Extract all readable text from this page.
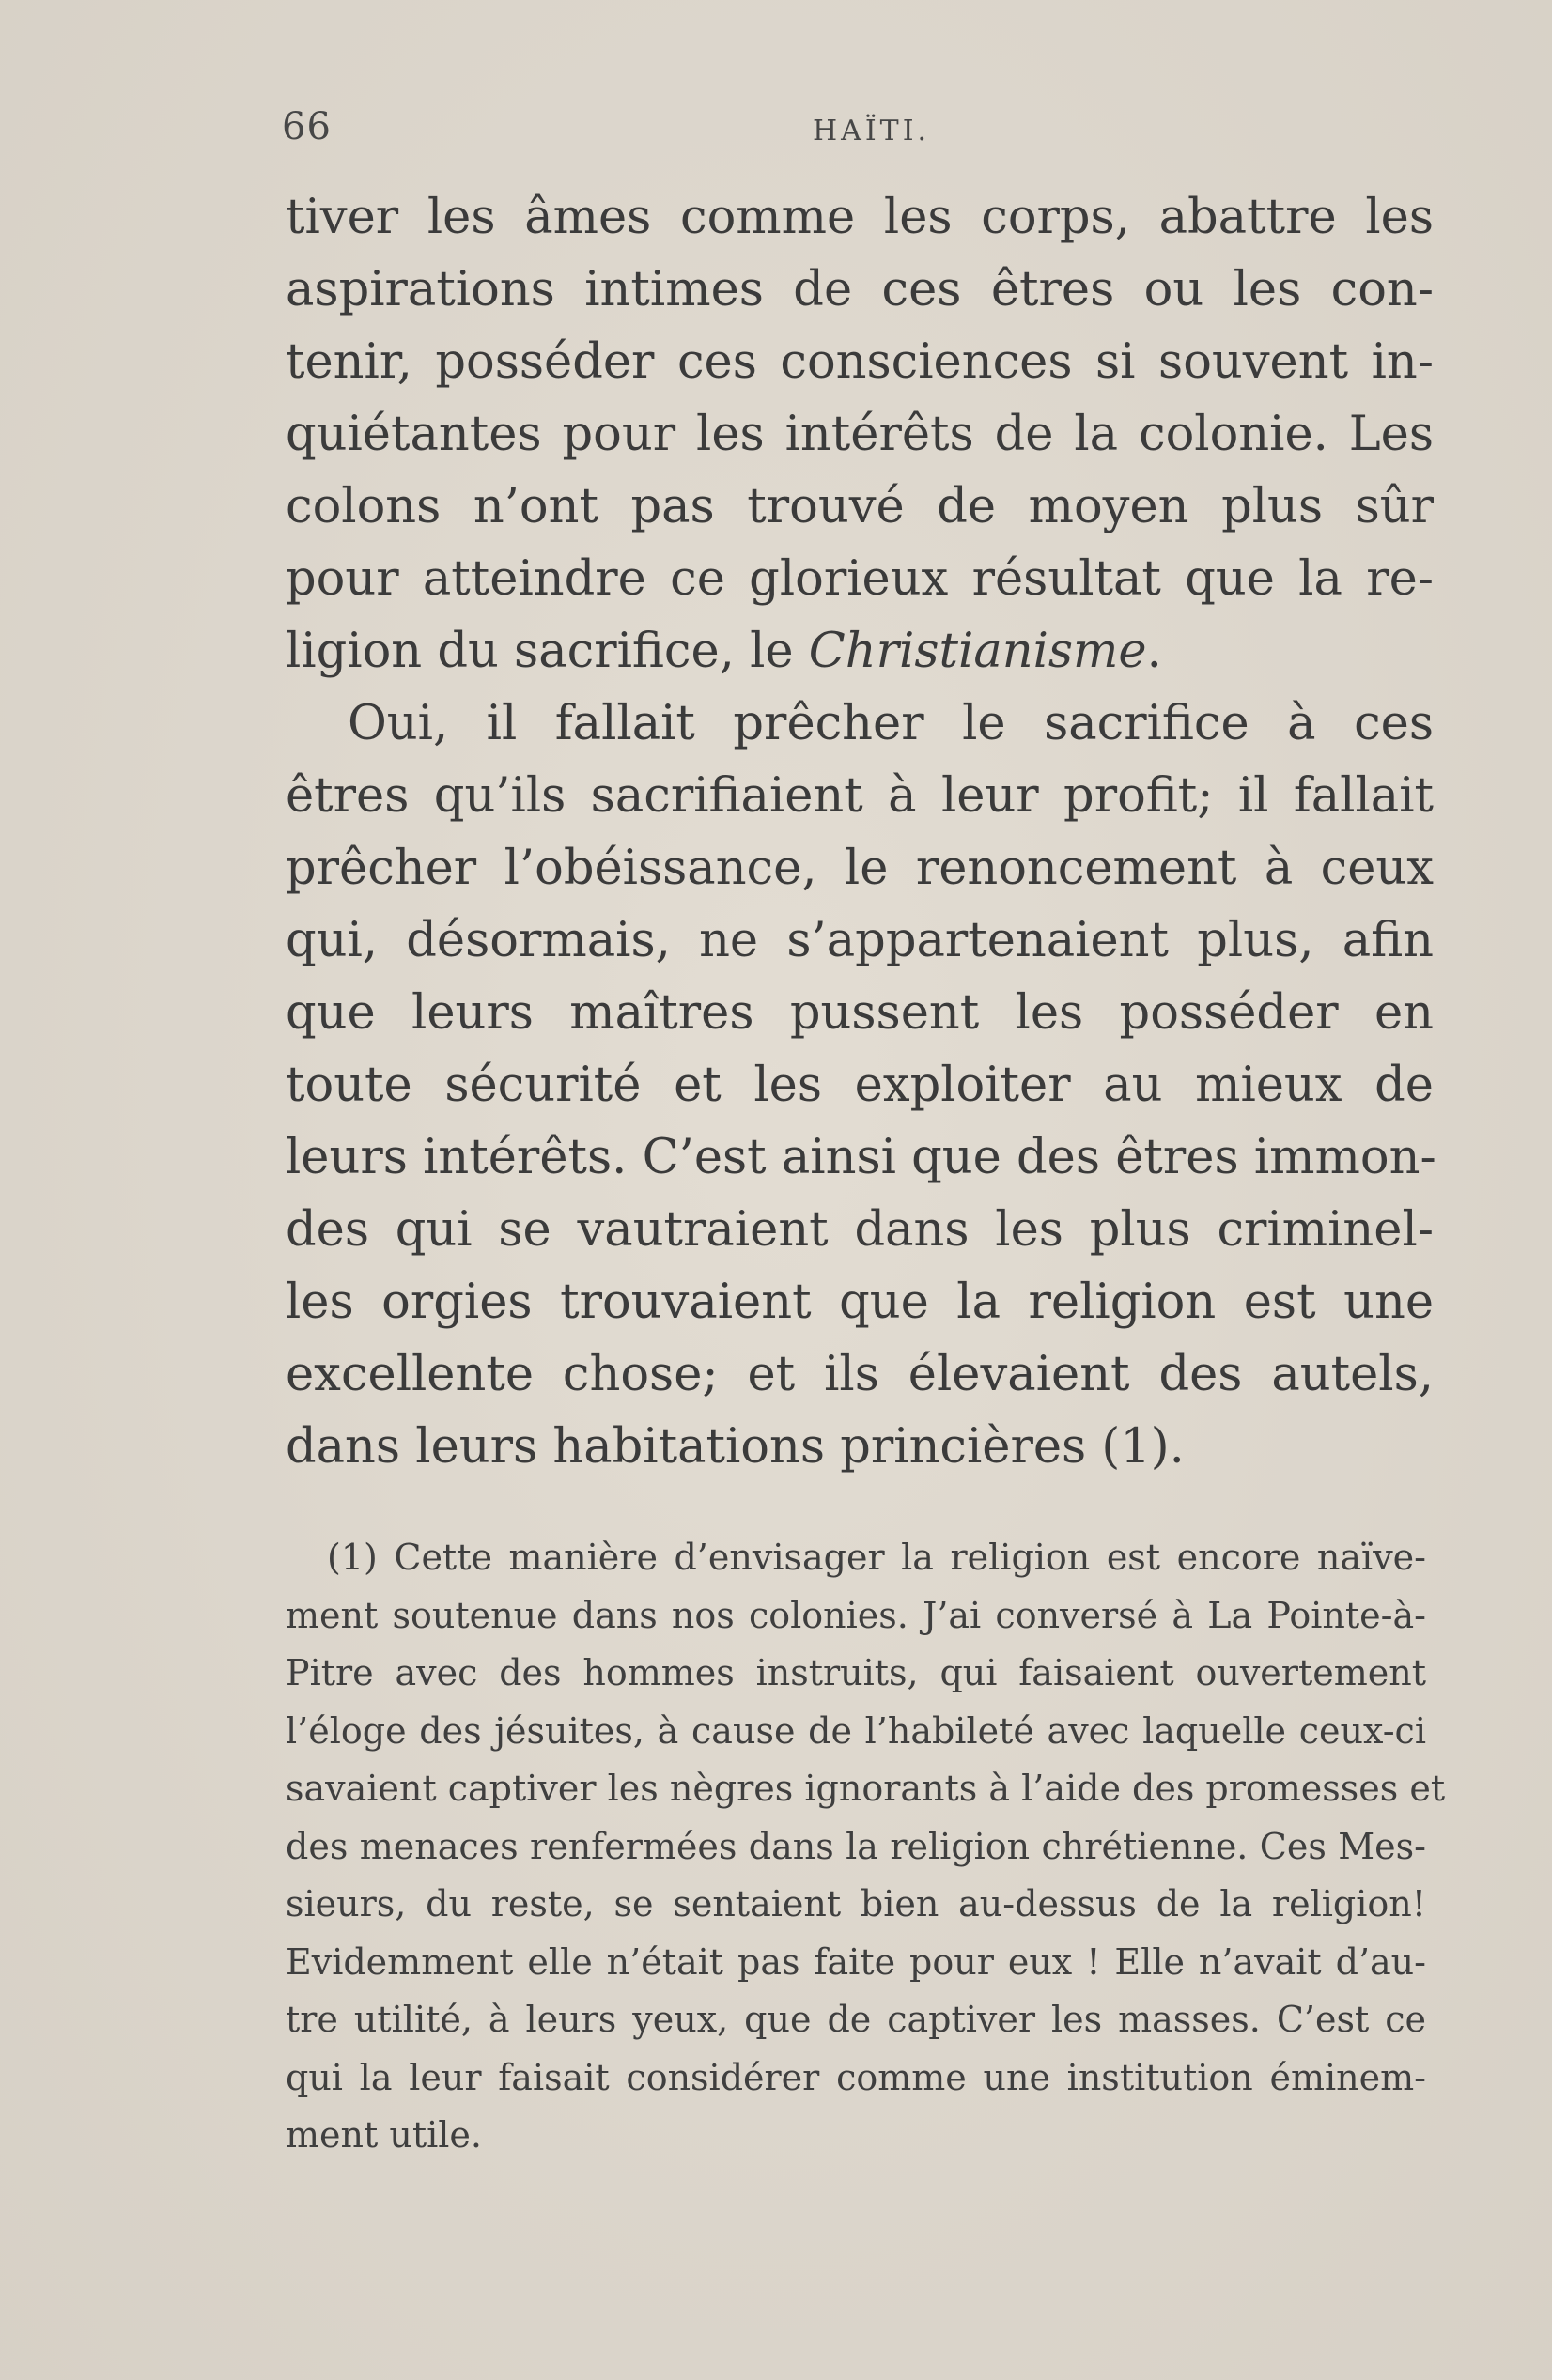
66	HAÏTI.
tiver les âmes comme les corps, abattre les
aspirations intimes de ces êtres ou les con-
tenir, posséder ces consciences si souvent in-
quiétantes pour les intérêts de la colonie. Les
colons n’ont pas trouvé de moyen plus sûr
pour atteindre ce glorieux résultat que la re-
ligion du sacrifice, le Christianisme.
Oui, il fallait prêcher le sacrifice à ces
êtres qu’ils sacrifiaient à leur profit; il fallait
prêcher l’obéissance, le renoncement à ceux
qui, désormais, ne s’appartenaient plus, afin
que leurs maîtres pussent les posséder en
toute sécurité et les exploiter au mieux de
leurs intérêts. C’est ainsi que des êtres immon-
des qui se vautraient dans les plus criminel-
les orgies trouvaient que la religion est une
excellente chose; et ils élevaient des autels,
dans leurs habitations princières (1).
(1) Cette manière d’envisager la religion est encore naïve-
ment soutenue dans nos colonies. J’ai conversé à La Pointe-à-
Pitre avec des hommes instruits, qui faisaient ouvertement
l’éloge des jésuites, à cause de l’habileté avec laquelle ceux-ci
savaient captiver les nègres ignorants à l’aide des promesses et
des menaces renfermées dans la religion chrétienne. Ces Mes-
sieurs, du reste, se sentaient bien au-dessus de la religion!
Evidemment elle n’était pas faite pour eux ! Elle n’avait d’au-
tre utilité, à leurs yeux, que de captiver les masses. C’est ce
qui la leur faisait considérer comme une institution éminem-
ment utile.
